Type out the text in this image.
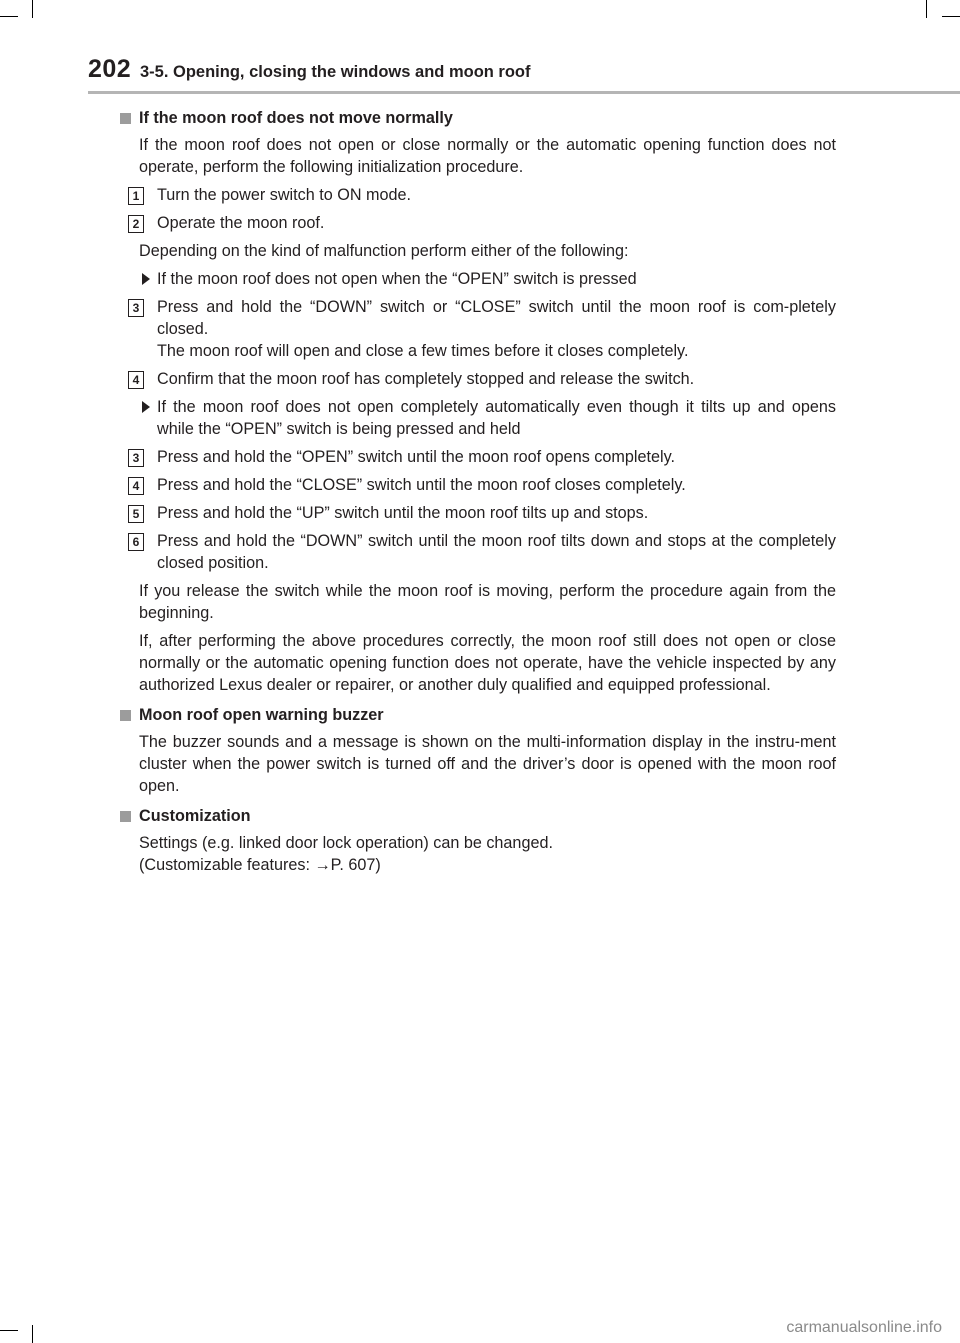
202 3-5. Opening, closing the windows and moon roof
If the moon roof does not move normally
If the moon roof does not open or close normally or the automatic opening function does not operate, perform the following initialization procedure.
1 Turn the power switch to ON mode.
2 Operate the moon roof.
Depending on the kind of malfunction perform either of the following:
If the moon roof does not open when the “OPEN” switch is pressed
3 Press and hold the “DOWN” switch or “CLOSE” switch until the moon roof is com-pletely closed.
The moon roof will open and close a few times before it closes completely.
4 Confirm that the moon roof has completely stopped and release the switch.
If the moon roof does not open completely automatically even though it tilts up and opens while the “OPEN” switch is being pressed and held
3 Press and hold the “OPEN” switch until the moon roof opens completely.
4 Press and hold the “CLOSE” switch until the moon roof closes completely.
5 Press and hold the “UP” switch until the moon roof tilts up and stops.
6 Press and hold the “DOWN” switch until the moon roof tilts down and stops at the completely closed position.
If you release the switch while the moon roof is moving, perform the procedure again from the beginning.
If, after performing the above procedures correctly, the moon roof still does not open or close normally or the automatic opening function does not operate, have the vehicle inspected by any authorized Lexus dealer or repairer, or another duly qualified and equipped professional.
Moon roof open warning buzzer
The buzzer sounds and a message is shown on the multi-information display in the instru-ment cluster when the power switch is turned off and the driver’s door is opened with the moon roof open.
Customization
Settings (e.g. linked door lock operation) can be changed.
(Customizable features: →P. 607)
carmanualsonline.info
